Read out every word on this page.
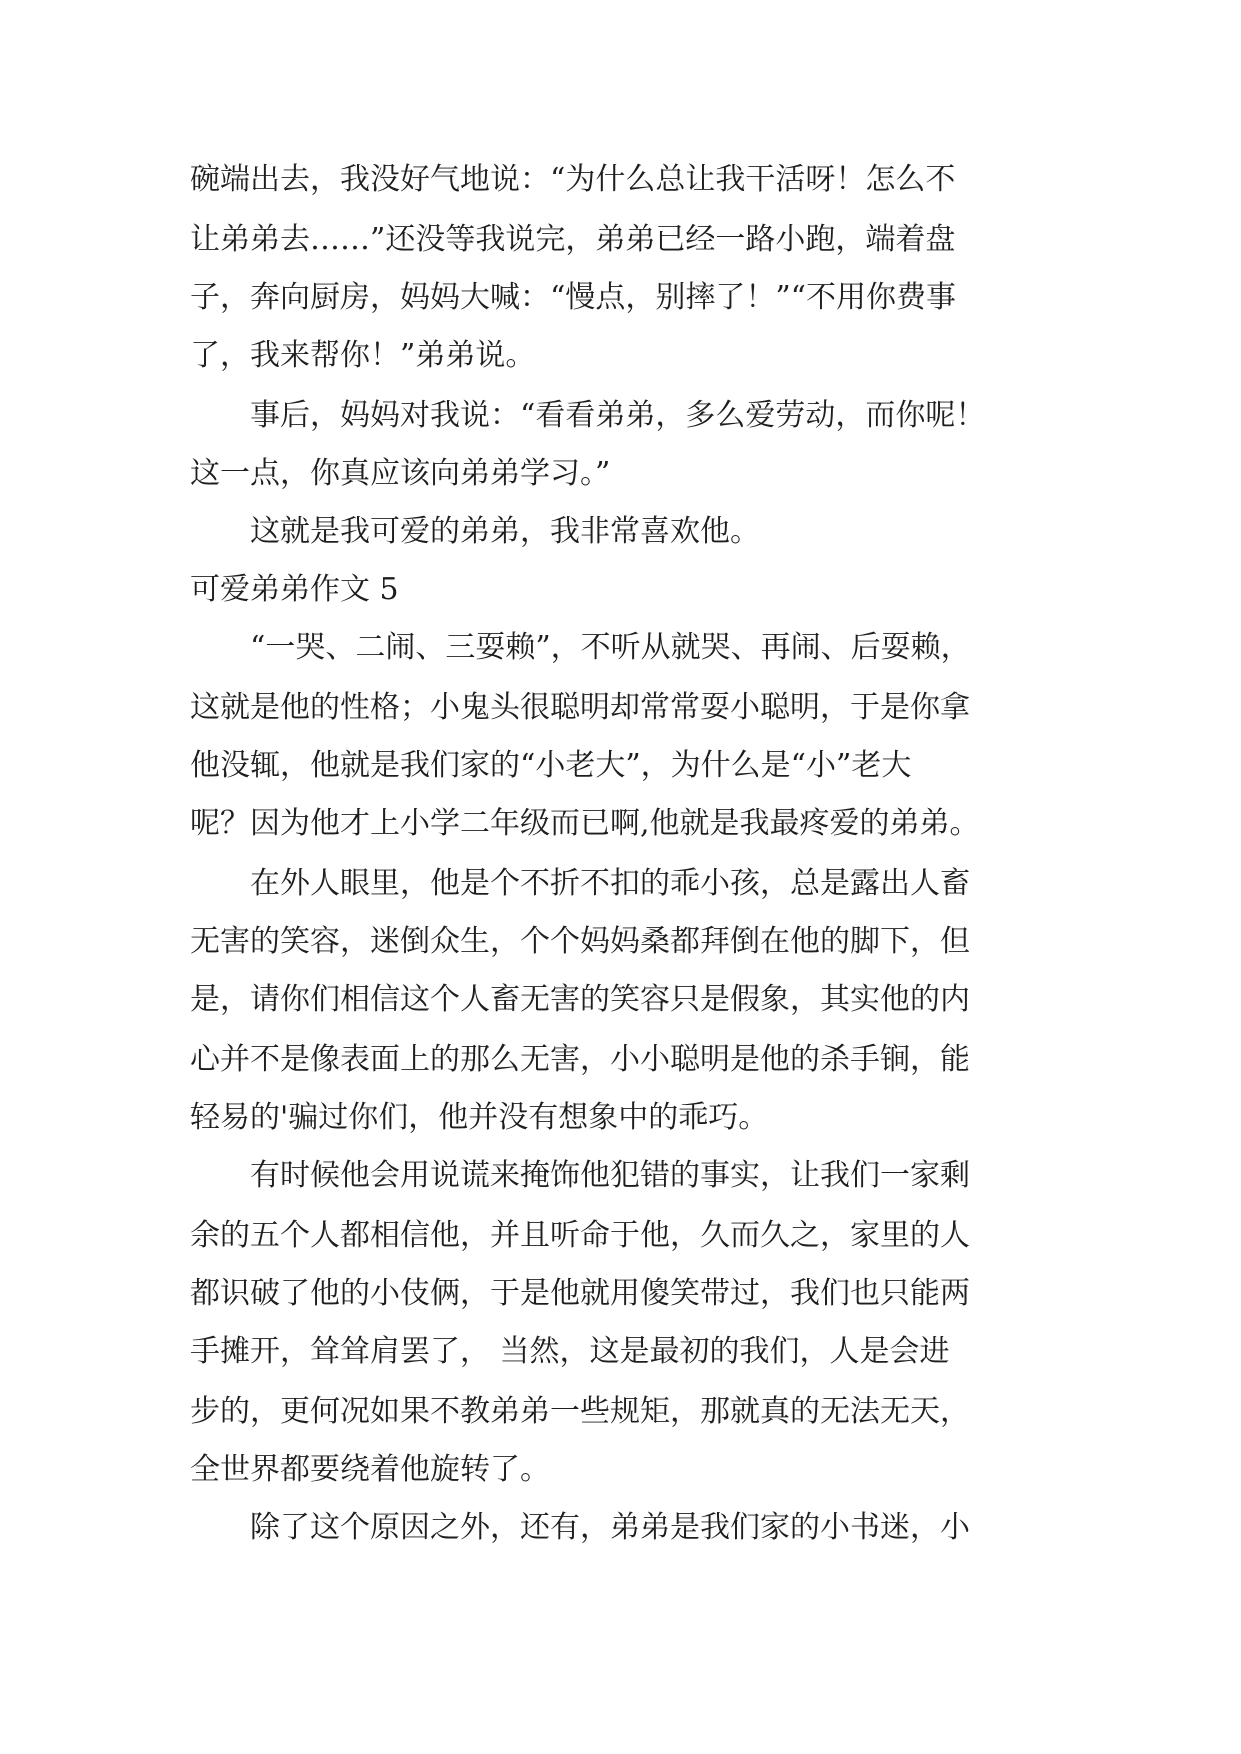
碗端出去，我没好气地说：“为什么总让我干活呀！怎么不
让弟弟去……”还没等我说完，弟弟已经一路小跑，端着盘
子，奔向厨房，妈妈大喊：“慢点，别摔了！”“不用你费事
了，我来帮你！”弟弟说。
　　事后，妈妈对我说：“看看弟弟，多么爱劳动，而你呢！
这一点，你真应该向弟弟学习。”
　　这就是我可爱的弟弟，我非常喜欢他。
可爱弟弟作文 5
　　“一哭、二闹、三耍赖”，不听从就哭、再闹、后耍赖，
这就是他的性格；小鬼头很聪明却常常耍小聪明，于是你拿
他没辄，他就是我们家的“小老大”，为什么是“小”老大
呢？因为他才上小学二年级而已啊,他就是我最疼爱的弟弟。
　　在外人眼里，他是个不折不扣的乖小孩，总是露出人畜
无害的笑容，迷倒众生，个个妈妈桑都拜倒在他的脚下，但
是，请你们相信这个人畜无害的笑容只是假象，其实他的内
心并不是像表面上的那么无害，小小聪明是他的杀手锏，能
轻易的'骗过你们，他并没有想象中的乖巧。
　　有时候他会用说谎来掩饰他犯错的事实，让我们一家剩
余的五个人都相信他，并且听命于他，久而久之，家里的人
都识破了他的小伎俩，于是他就用傻笑带过，我们也只能两
手摊开，耸耸肩罢了， 当然，这是最初的我们，人是会进
步的，更何况如果不教弟弟一些规矩，那就真的无法无天，
全世界都要绕着他旋转了。
　　除了这个原因之外，还有，弟弟是我们家的小书迷，小
